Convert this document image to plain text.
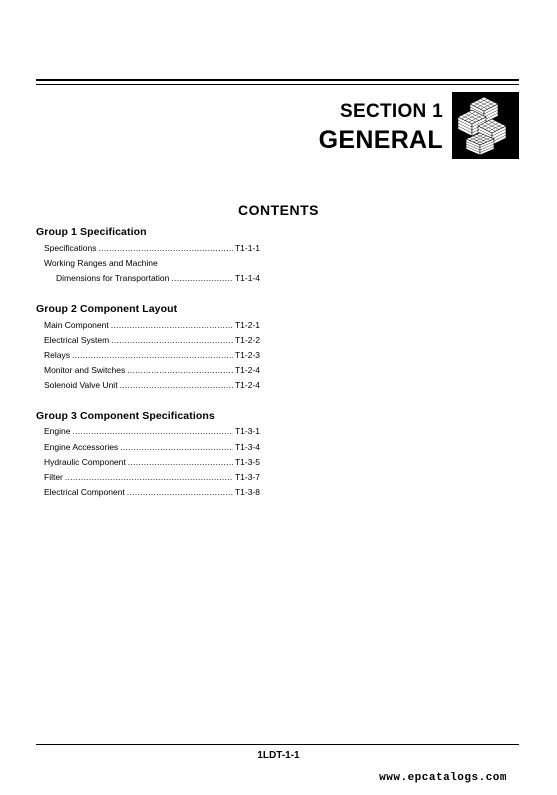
SECTION 1
GENERAL
CONTENTS
Group 1 Specification
Specifications .....	T1-1-1
Working Ranges and Machine
Dimensions for Transportation .....	T1-1-4
Group 2 Component Layout
Main Component .....	T1-2-1
Electrical System .....	T1-2-2
Relays .....	T1-2-3
Monitor and Switches .....	T1-2-4
Solenoid Valve Unit .....	T1-2-4
Group 3 Component Specifications
Engine .....	T1-3-1
Engine Accessories .....	T1-3-4
Hydraulic Component .....	T1-3-5
Filter .....	T1-3-7
Electrical Component .....	T1-3-8
1LDT-1-1
www.epcatalogs.com
